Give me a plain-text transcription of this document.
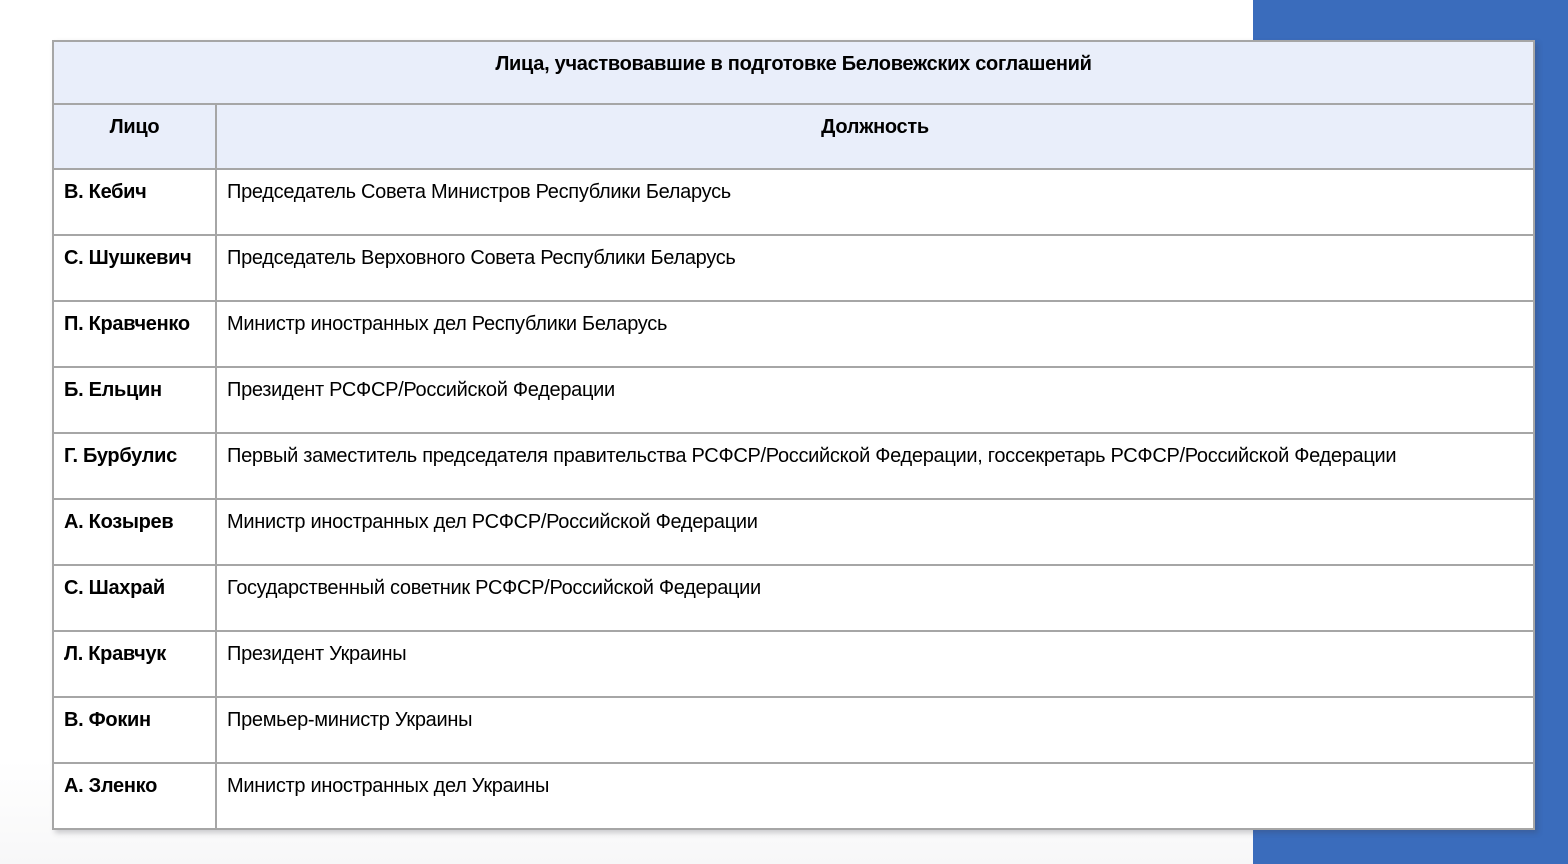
Лица, участвовавшие в подготовке Беловежских соглашений	
Лицо	Должность
В. Кебич	Председатель Совета Министров Республики Беларусь
С. Шушкевич	Председатель Верховного Совета Республики Беларусь
П. Кравченко	Министр иностранных дел Республики Беларусь
Б. Ельцин	Президент РСФСР/Российской Федерации
Г. Бурбулис	Первый заместитель председателя правительства РСФСР/Российской Федерации, госсекретарь РСФСР/Российской Федерации
А. Козырев	Министр иностранных дел РСФСР/Российской Федерации
С. Шахрай	Государственный советник РСФСР/Российской Федерации
Л. Кравчук	Президент Украины
В. Фокин	Премьер-министр Украины
А. Зленко	Министр иностранных дел Украины
